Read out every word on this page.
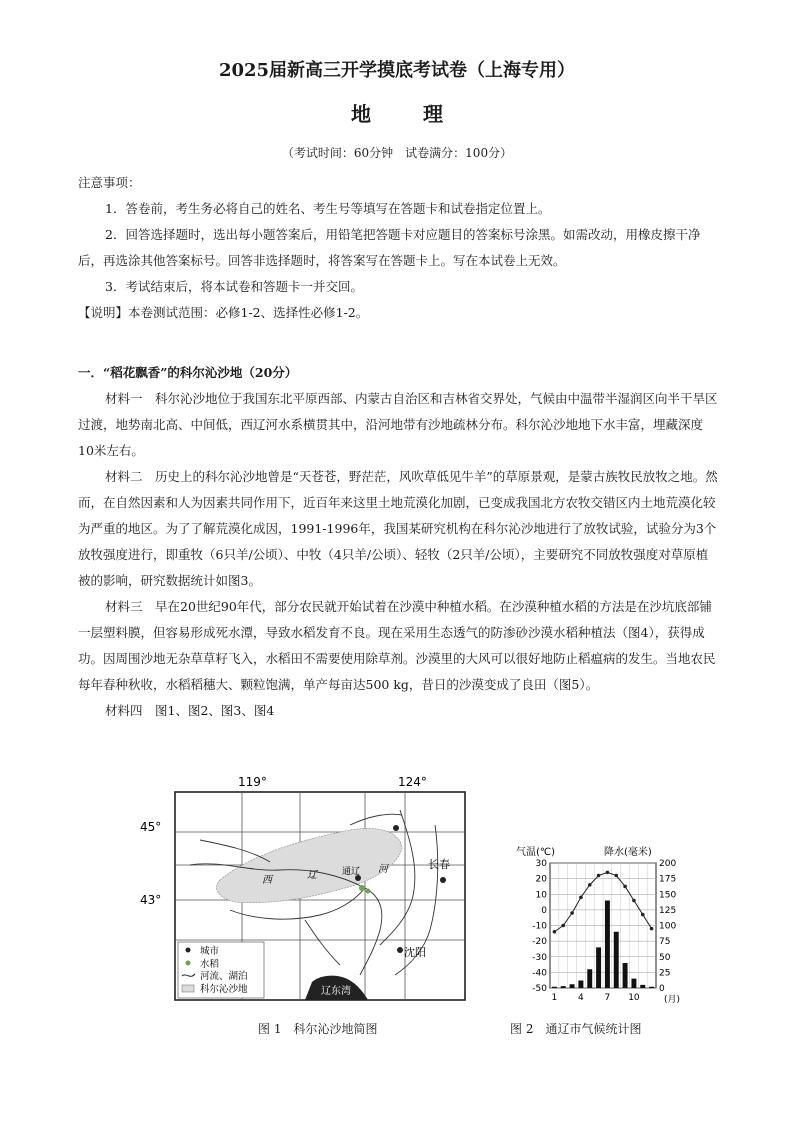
2025届新高三开学摸底考试卷（上海专用）
地理
（考试时间：60分钟　试卷满分：100分）

注意事项：

1．答卷前，考生务必将自己的姓名、考生号等填写在答题卡和试卷指定位置上。

2．回答选择题时，选出每小题答案后，用铅笔把答题卡对应题目的答案标号涂黑。如需改动，用橡皮擦干净后，再选涂其他答案标号。回答非选择题时，将答案写在答题卡上。写在本试卷上无效。

3．考试结束后，将本试卷和答题卡一并交回。

【说明】本卷测试范围：必修1-2、选择性必修1-2。

一．“稻花飘香”的科尔沁沙地（20分）

材料一　科尔沁沙地位于我国东北平原西部、内蒙古自治区和吉林省交界处，气候由中温带半湿润区向半干旱区过渡，地势南北高、中间低，西辽河水系横贯其中，沿河地带有沙地疏林分布。科尔沁沙地地下水丰富，埋藏深度10米左右。

材料二　历史上的科尔沁沙地曾是“天苍苍，野茫茫，风吹草低见牛羊”的草原景观，是蒙古族牧民放牧之地。然而，在自然因素和人为因素共同作用下，近百年来这里土地荒漠化加剧，已变成我国北方农牧交错区内土地荒漠化较为严重的地区。为了了解荒漠化成因，1991-1996年，我国某研究机构在科尔沁沙地进行了放牧试验，试验分为3个放牧强度进行，即重牧（6只羊/公顷）、中牧（4只羊/公顷）、轻牧（2只羊/公顷），主要研究不同放牧强度对草原植被的影响，研究数据统计如图3。

材料三　早在20世纪90年代，部分农民就开始试着在沙漠中种植水稻。在沙漠种植水稻的方法是在沙坑底部铺一层塑料膜，但容易形成死水潭，导致水稻发育不良。现在采用生态透气的防渗砂沙漠水稻种植法（图4），获得成功。因周围沙地无杂草草籽飞入，水稻田不需要使用除草剂。沙漠里的大风可以很好地防止稻瘟病的发生。当地农民每年春种秋收，水稻稻穗大、颗粒饱满，单产每亩达500 kg，昔日的沙漠变成了良田（图5）。

材料四　图1、图2、图3、图4

119°	124°
45°
43°
长春
沈阳
通辽
西	辽
河
辽东湾
城市
水稻
河流、湖泊
科尔沁沙地
气温(℃)	降水(毫米)
(月)
30	200
20	175
10	150
0	125
-10	100
-20	75
-30	50
-40	25
-50	0
1 4 7 10
图 1　科尔沁沙地简图	图 2　通辽市气候统计图
